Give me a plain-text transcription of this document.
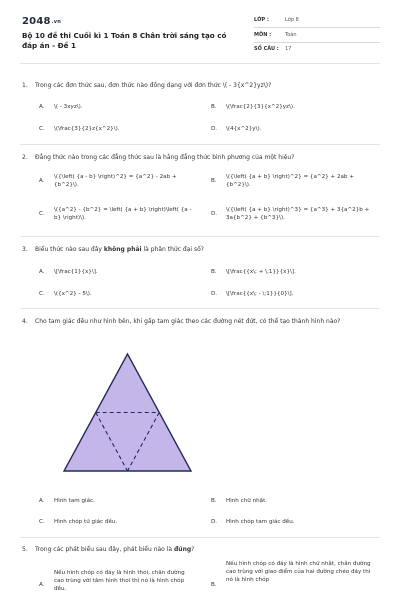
2048.vn
Bộ 10 đề thi Cuối kì 1 Toán 8 Chân trời sáng tạo có đáp án - Đề 1
LỚP :	Lớp 8
MÔN :	Toán
SỐ CÂU : 17
1. Trong các đơn thức sau, đơn thức nào đồng dạng với đơn thức \( - 3{x^2}yz\)?
A. \( - 3xyz\).	B. \(\frac{2}{3}{x^2}yz\).
C. \(\frac{3}{2}z{x^2}\).	D. \(4{x^2}y\).
2. Đẳng thức nào trong các đẳng thức sau là hằng đẳng thức bình phương của một hiệu?
A.
\({\left( {a - b} \right)^2} = {a^2} - 2ab + {b^2}\).
B.
\({\left( {a + b} \right)^2} = {a^2} + 2ab + {b^2}\).
C.
\({a^2} - {b^2} = \left( {a + b} \right)\left( {a - b} \right)\).
D.
\({\left( {a + b} \right)^3} = {a^3} + 3{a^2}b + 3a{b^2} + {b^3}\).
3. Biểu thức nào sau đây không phải là phân thức đại số?
A. \[\frac{1}{x}\].	B. \[\frac{{x\; + \;1}}{x}\].
C. \({x^2} - 5\).	D. \[\frac{{x\; - \;1}}{0}\].
4. Cho tam giác đều như hình bên, khi gấp tam giác theo các đường nét đứt, có thể tạo thành hình nào?
A. Hình tam giác.	B. Hình chữ nhật.
C. Hình chóp tứ giác đều.	D. Hình chóp tam giác đều.
5. Trong các phát biểu sau đây, phát biểu nào là đúng?
A.
Nếu hình chóp có đáy là hình thoi, chân đường cao trùng với tâm hình thoi thì nó là hình chóp đều.
B.
Nếu hình chóp có đáy là hình chữ nhật, chân đường cao trùng với giao điểm của hai đường chéo đáy thì nó là hình chóp
